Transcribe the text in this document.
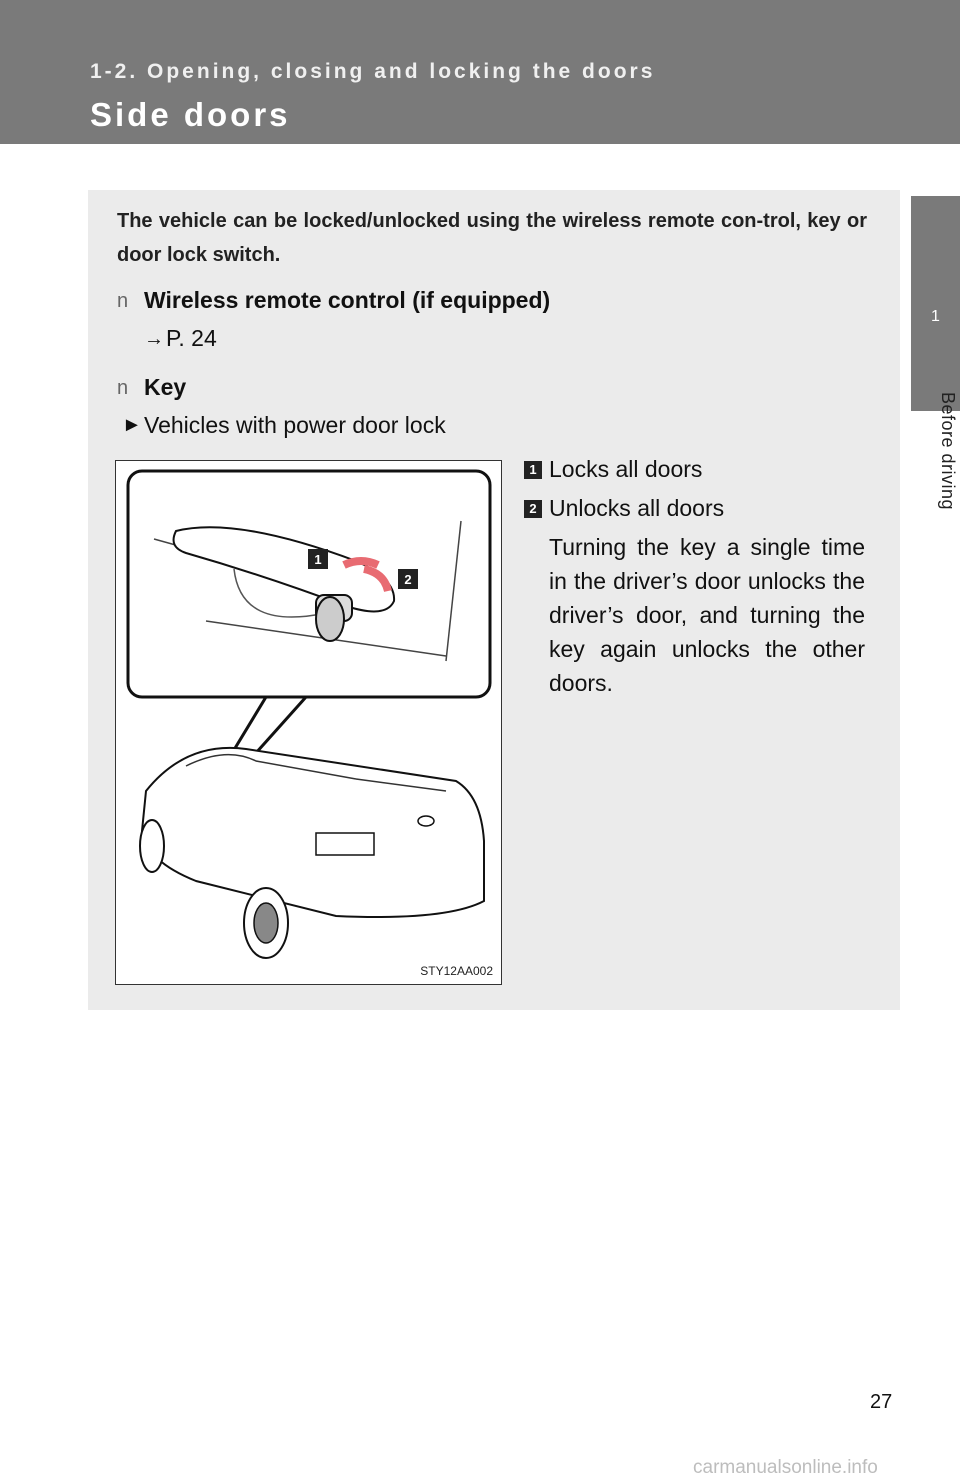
1-2. Opening, closing and locking the doors
Side doors
1
Before driving
The vehicle can be locked/unlocked using the wireless remote con-trol, key or door lock switch.
n Wireless remote control (if equipped)
→ P. 24
n Key
► Vehicles with power door lock
1
2
STY12AA002
1 Locks all doors
2 Unlocks all doors
Turning the key a single time in the driver’s door unlocks the driver’s door, and turning the key again unlocks the other doors.
27
carmanualsonline.info
